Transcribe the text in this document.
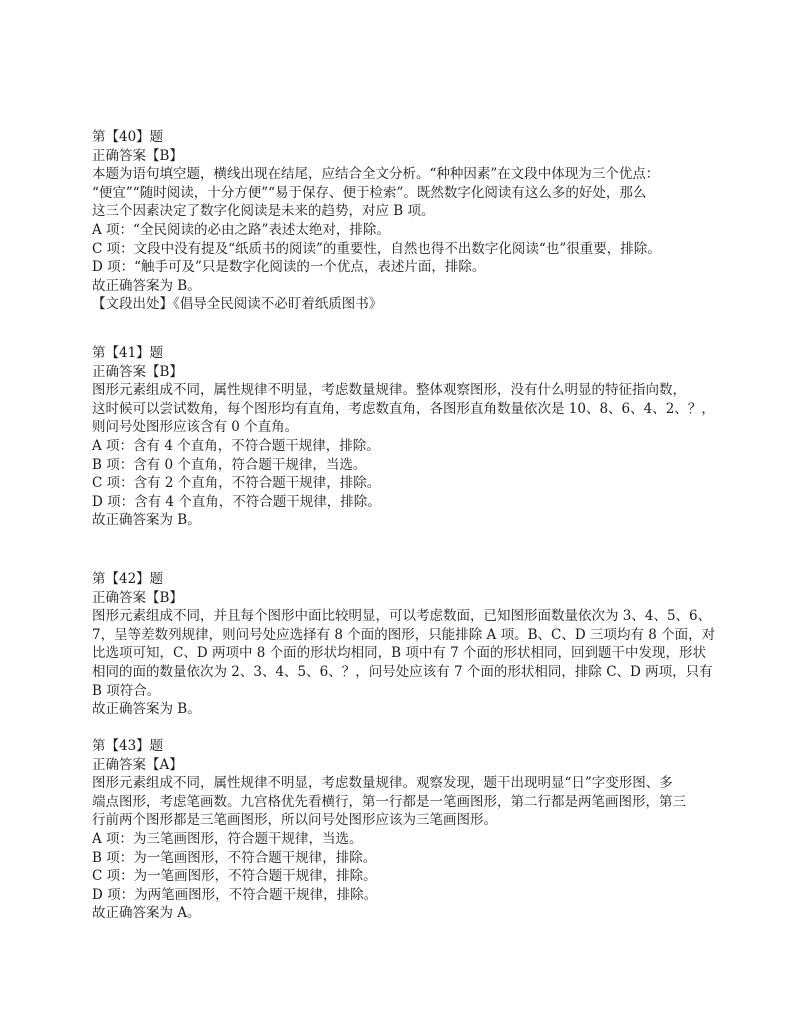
第【40】题
正确答案【B】
本题为语句填空题，横线出现在结尾，应结合全文分析。“种种因素”在文段中体现为三个优点：
“便宜”“随时阅读，十分方便”“易于保存、便于检索”。既然数字化阅读有这么多的好处，那么
这三个因素决定了数字化阅读是未来的趋势，对应 B 项。
A 项：“全民阅读的必由之路”表述太绝对，排除。
C 项：文段中没有提及“纸质书的阅读”的重要性，自然也得不出数字化阅读“也”很重要，排除。
D 项：“触手可及”只是数字化阅读的一个优点，表述片面，排除。
故正确答案为 B。
【文段出处】《倡导全民阅读不必盯着纸质图书》
第【41】题
正确答案【B】
图形元素组成不同，属性规律不明显，考虑数量规律。整体观察图形，没有什么明显的特征指向数，
这时候可以尝试数角，每个图形均有直角，考虑数直角，各图形直角数量依次是 10、8、6、4、2、？，
则问号处图形应该含有 0 个直角。
A 项：含有 4 个直角，不符合题干规律，排除。
B 项：含有 0 个直角，符合题干规律，当选。
C 项：含有 2 个直角，不符合题干规律，排除。
D 项：含有 4 个直角，不符合题干规律，排除。
故正确答案为 B。
第【42】题
正确答案【B】
图形元素组成不同，并且每个图形中面比较明显，可以考虑数面，已知图形面数量依次为 3、4、5、6、
7，呈等差数列规律，则问号处应选择有 8 个面的图形，只能排除 A 项。B、C、D 三项均有 8 个面，对
比选项可知，C、D 两项中 8 个面的形状均相同，B 项中有 7 个面的形状相同，回到题干中发现，形状
相同的面的数量依次为 2、3、4、5、6、？，问号处应该有 7 个面的形状相同，排除 C、D 两项，只有
B 项符合。
故正确答案为 B。
第【43】题
正确答案【A】
图形元素组成不同，属性规律不明显，考虑数量规律。观察发现，题干出现明显“日”字变形图、多
端点图形，考虑笔画数。九宫格优先看横行，第一行都是一笔画图形，第二行都是两笔画图形，第三
行前两个图形都是三笔画图形，所以问号处图形应该为三笔画图形。
A 项：为三笔画图形，符合题干规律，当选。
B 项：为一笔画图形，不符合题干规律，排除。
C 项：为一笔画图形，不符合题干规律，排除。
D 项：为两笔画图形，不符合题干规律，排除。
故正确答案为 A。
